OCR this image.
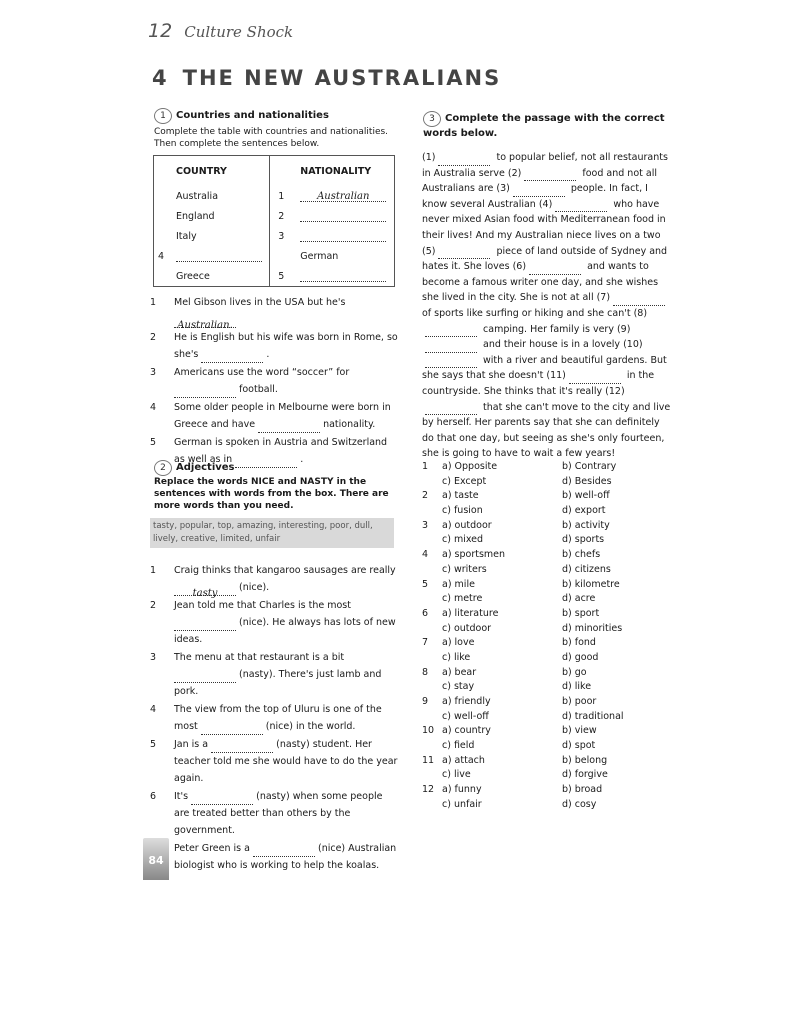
12 Culture Shock
4 THE NEW AUSTRALIANS
1 Countries and nationalities
Complete the table with countries and nationalities. Then complete the sentences below.
COUNTRY	NATIONALITY
Australia	1 Australian
England	2
Italy	3
4	German
Greece	5
1	Mel Gibson lives in the USA but he's Australian.
2	He is English but his wife was born in Rome, so she's	.
3	Americans use the word “soccer” for  football.
4	Some older people in Melbourne were born in Greece and have	nationality.
5	German is spoken in Austria and Switzerland as well as in	.
2 Adjectives
Replace the words NICE and NASTY in the sentences with words from the box. There are more words than you need.
tasty, popular, top, amazing, interesting, poor, dull, lively, creative, limited, unfair
1	Craig thinks that kangaroo sausages are really tasty (nice).
2	Jean told me that Charles is the most  (nice). He always has lots of new ideas.
3	The menu at that restaurant is a bit  (nasty). There's just lamb and pork.
4	The view from the top of Uluru is one of the most	(nice) in the world.
5	Jan is a	(nasty) student. Her teacher told me she would have to do the year again.
6	It's	(nasty) when some people are treated better than others by the government.
Peter Green is a	(nice) Australian biologist who is working to help the koalas.
3 Complete the passage with the correct words below.
(1)	to popular belief, not all restaurants in Australia serve (2)	food and not all Australians are (3)	people. In fact, I know several Australian (4)	who have never mixed Asian food with Mediterranean food in their lives! And my Australian niece lives on a two (5)	piece of land outside of Sydney and hates it. She loves (6)	and wants to become a famous writer one day, and she wishes she lived in the city. She is not at all (7) of sports like surfing or hiking and she can't (8) camping. Her family is very (9) and their house is in a lovely (10) with a river and beautiful gardens. But she says that she doesn't (11)	in the countryside. She thinks that it's really (12) that she can't move to the city and live by herself. Her parents say that she can definitely do that one day, but seeing as she's only fourteen, she is going to have to wait a few years!
1	a) Opposite	b) Contrary
c) Except	d) Besides
2	a) taste	b) well-off
c) fusion	d) export
3	a) outdoor	b) activity
c) mixed	d) sports
4	a) sportsmen	b) chefs
c) writers	d) citizens
5	a) mile	b) kilometre
c) metre	d) acre
6	a) literature	b) sport
c) outdoor	d) minorities
7	a) love	b) fond
c) like	d) good
8	a) bear	b) go
c) stay	d) like
9	a) friendly	b) poor
c) well-off	d) traditional
10 a) country	b) view
c) field	d) spot
11 a) attach	b) belong
c) live	d) forgive
12 a) funny	b) broad
c) unfair	d) cosy
84
